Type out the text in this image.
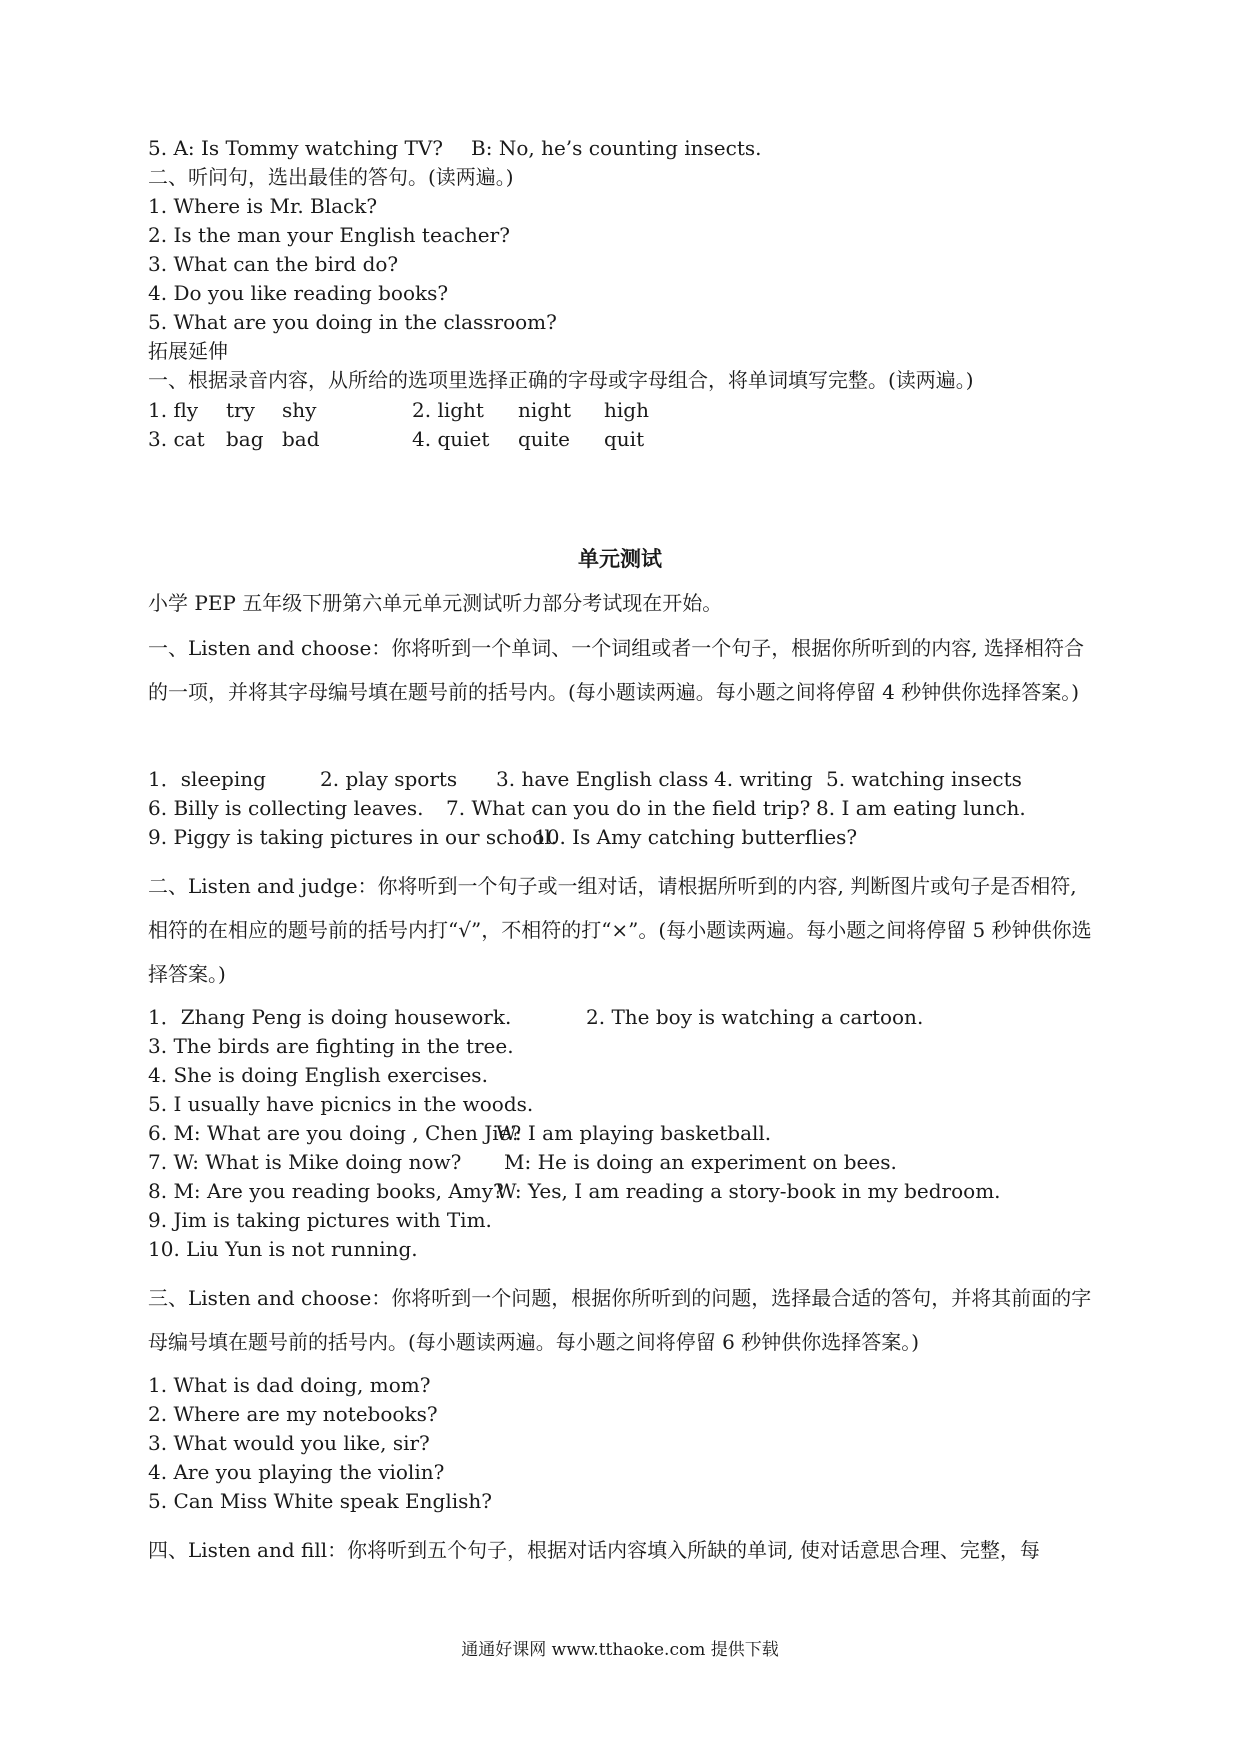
5. A: Is Tommy watching TV? B: No, he’s counting insects.
二、听问句，选出最佳的答句。(读两遍。)
1. Where is Mr. Black?
2. Is the man your English teacher?
3. What can the bird do?
4. Do you like reading books?
5. What are you doing in the classroom?
拓展延伸
一、根据录音内容，从所给的选项里选择正确的字母或字母组合，将单词填写完整。(读两遍。)
1. fly try shy	2. light night high
3. cat bag bad	4. quiet quite quit
单元测试
小学 PEP 五年级下册第六单元单元测试听力部分考试现在开始。
一、Listen and choose：你将听到一个单词、一个词组或者一个句子，根据你所听到的内容, 选择相符合的一项，并将其字母编号填在题号前的括号内。(每小题读两遍。每小题之间将停留 4 秒钟供你选择答案。)
1．sleeping	2. play sports 3. have English class 4. writing 5. watching insects
6. Billy is collecting leaves. 7. What can you do in the field trip? 8. I am eating lunch.
9. Piggy is taking pictures in our school.
10. Is Amy catching butterflies?
二、Listen and judge：你将听到一个句子或一组对话，请根据所听到的内容, 判断图片或句子是否相符, 相符的在相应的题号前的括号内打“√”，不相符的打“×”。(每小题读两遍。每小题之间将停留 5 秒钟供你选择答案。)
1．Zhang Peng is doing housework.	2. The boy is watching a cartoon.
3. The birds are fighting in the tree.
4. She is doing English exercises.
5. I usually have picnics in the woods.
6. M: What are you doing , Chen Jie?
W: I am playing basketball.
7. W: What is Mike doing now? M: He is doing an experiment on bees.
8. M: Are you reading books, Amy?
W: Yes, I am reading a story-book in my bedroom.
9. Jim is taking pictures with Tim.
10. Liu Yun is not running.
三、Listen and choose：你将听到一个问题，根据你所听到的问题，选择最合适的答句，并将其前面的字母编号填在题号前的括号内。(每小题读两遍。每小题之间将停留 6 秒钟供你选择答案。)
1. What is dad doing, mom?
2. Where are my notebooks?
3. What would you like, sir?
4. Are you playing the violin?
5. Can Miss White speak English?
四、Listen and fill：你将听到五个句子，根据对话内容填入所缺的单词, 使对话意思合理、完整，每
通通好课网 www.tthaoke.com 提供下载
